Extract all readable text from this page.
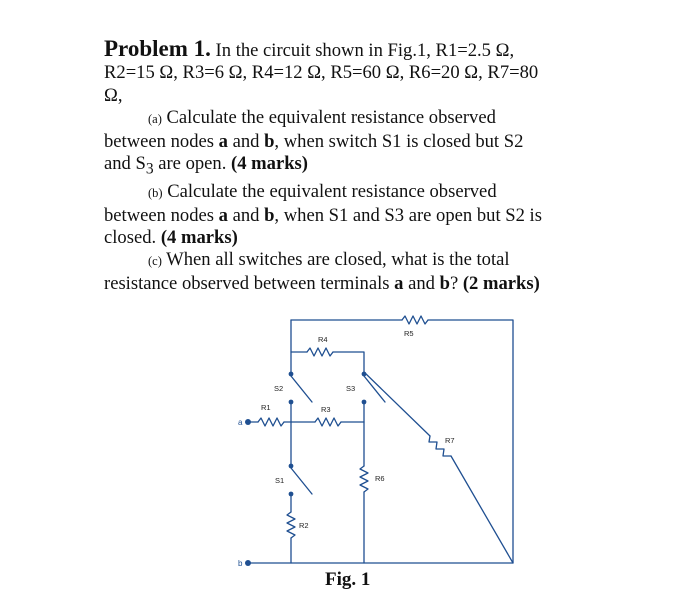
Problem 1. In the circuit shown in Fig.1, R1=2.5 Ω,
R2=15 Ω, R3=6 Ω, R4=12 Ω, R5=60 Ω, R6=20 Ω, R7=80
Ω,

(a) Calculate the equivalent resistance observed

between nodes a and b, when switch S1 is closed but S2
and $S_3$ are open. (4 marks)

(b) Calculate the equivalent resistance observed

between nodes a and b, when S1 and S3 are open but S2 is
closed. (4 marks)

(c) When all switches are closed, what is the total

resistance observed between terminals a and b? (2 marks)

R4
R5
S2	S3
R1	R3
R7
R6
S1
R2
a
b
Fig. 1
